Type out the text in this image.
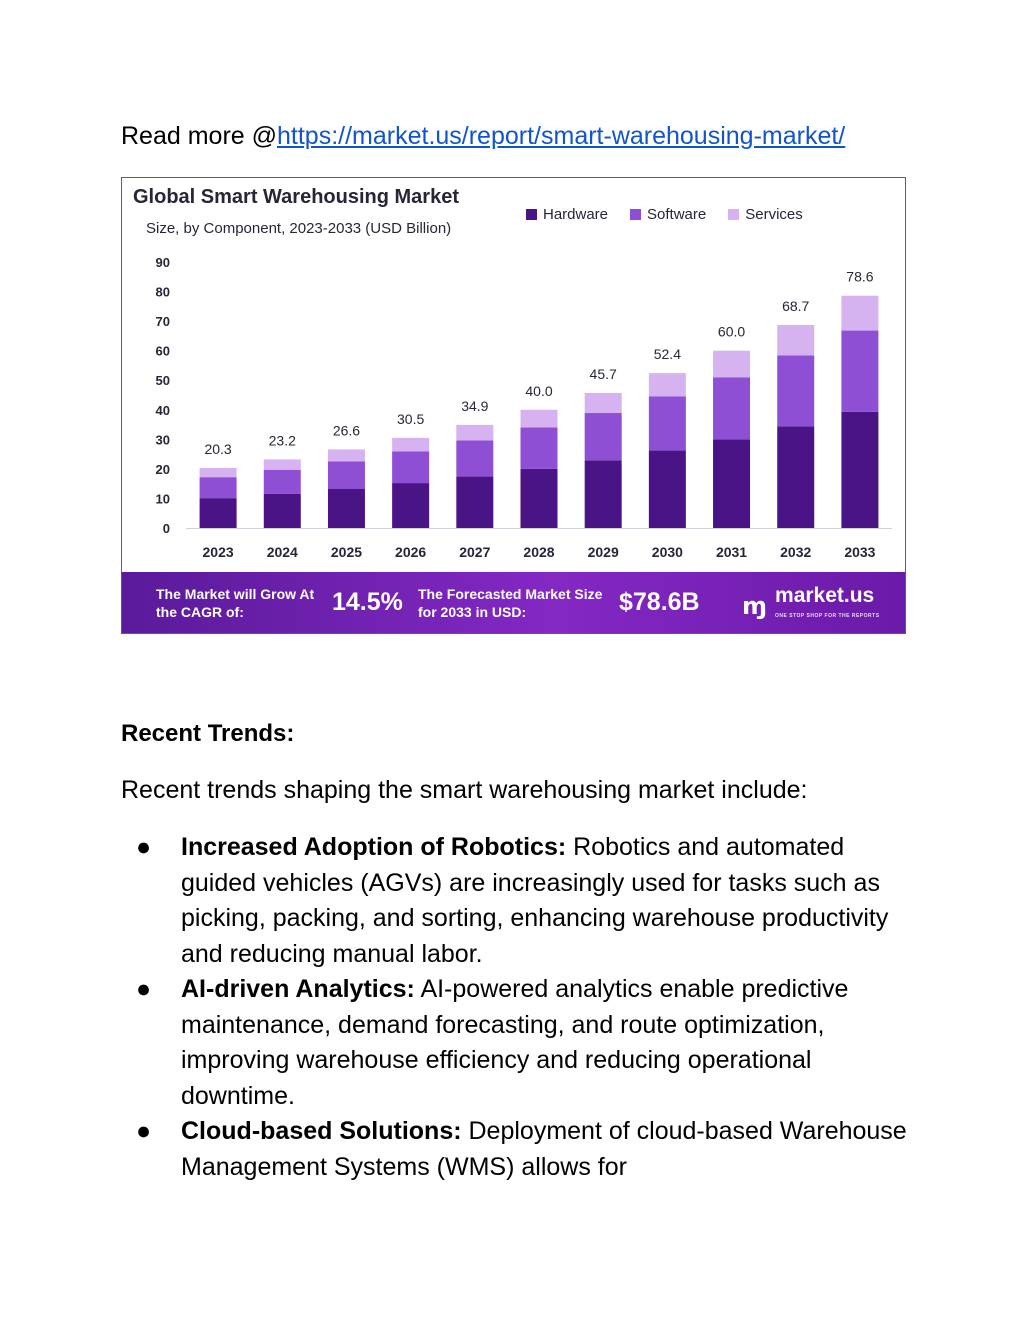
Read more @https://market.us/report/smart-warehousing-market/
Global Smart Warehousing Market
Size, by Component, 2023-2033 (USD Billion)
Hardware	Software	Services
0
10
20
30
40
50
60
70
80
90
20.3
2023
23.2
2024
26.6
2025
30.5
2026
34.9
2027
40.0
2028
45.7
2029
52.4
2030
60.0
2031
68.7
2032
78.6
2033
The Market will Grow At the CAGR of:	14.5% The Forecasted Market Size for 2033 in USD:	$78.6B ɱ market.us
ONE STOP SHOP FOR THE REPORTS
Recent Trends:
Recent trends shaping the smart warehousing market include:
● Increased Adoption of Robotics: Robotics and automated guided vehicles (AGVs) are increasingly used for tasks such as picking, packing, and sorting, enhancing warehouse productivity and reducing manual labor.
● AI-driven Analytics: AI-powered analytics enable predictive maintenance, demand forecasting, and route optimization, improving warehouse efficiency and reducing operational downtime.
● Cloud-based Solutions: Deployment of cloud-based Warehouse Management Systems (WMS) allows for
